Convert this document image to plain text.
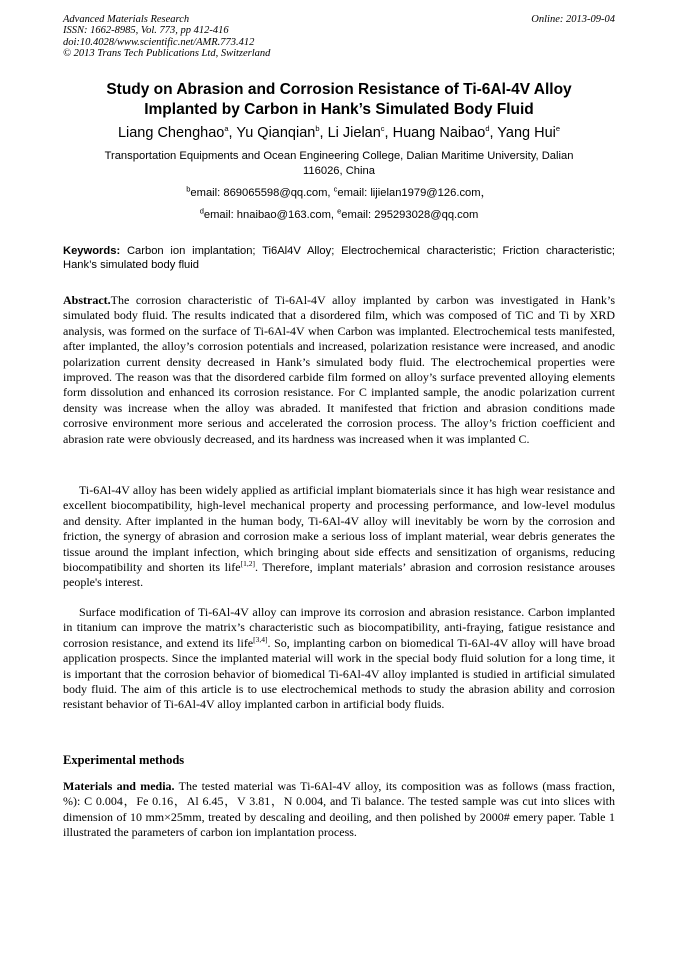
Advanced Materials Research
ISSN: 1662-8985, Vol. 773, pp 412-416
doi:10.4028/www.scientific.net/AMR.773.412
© 2013 Trans Tech Publications Ltd, Switzerland
Online: 2013-09-04
Study on Abrasion and Corrosion Resistance of Ti-6Al-4V Alloy
Implanted by Carbon in Hank’s Simulated Body Fluid
Liang Chenghao$^a$, Yu Qianqian$^b$, Li Jielan$^c$, Huang Naibao$^d$, Yang Hui$^e$
Transportation Equipments and Ocean Engineering College, Dalian Maritime University, Dalian
116026, China
$^b$email: 869065598@qq.com, $^c$email: lijielan1979@126.com，
$^d$email: hnaibao@163.com, $^e$email: 295293028@qq.com
Keywords: Carbon ion implantation; Ti6Al4V Alloy; Electrochemical characteristic; Friction characteristic; Hank’s simulated body fluid
Abstract.The corrosion characteristic of Ti-6Al-4V alloy implanted by carbon was investigated in Hank’s simulated body fluid. The results indicated that a disordered film, which was composed of TiC and Ti by XRD analysis, was formed on the surface of Ti-6Al-4V when Carbon was implanted. Electrochemical tests manifested, after implanted, the alloy’s corrosion potentials and increased, polarization resistance were increased, and anodic polarization current density decreased in Hank’s simulated body fluid. The electrochemical properties were improved. The reason was that the disordered carbide film formed on alloy’s surface prevented alloying elements form dissolution and enhanced its corrosion resistance. For C implanted sample, the anodic polarization current density was increase when the alloy was abraded. It manifested that friction and abrasion conditions made corrosive environment more serious and accelerated the corrosion process. The alloy’s friction coefficient and abrasion rate were obviously decreased, and its hardness was increased when it was implanted C.
Ti-6Al-4V alloy has been widely applied as artificial implant biomaterials since it has high wear resistance and excellent biocompatibility, high-level mechanical property and processing performance, and low-level modulus and density. After implanted in the human body, Ti-6Al-4V alloy will inevitably be worn by the corrosion and friction, the synergy of abrasion and corrosion make a serious loss of implant material, wear debris generates the tissue around the implant infection, which bringing about side effects and sensitization of organisms, reducing biocompatibility and shorten its life[1,2]. Therefore, implant materials’ abrasion and corrosion resistance arouses people's interest.
Surface modification of Ti-6Al-4V alloy can improve its corrosion and abrasion resistance. Carbon implanted in titanium can improve the matrix’s characteristic such as biocompatibility, anti-fraying, fatigue resistance and corrosion resistance, and extend its life[3,4]. So, implanting carbon on biomedical Ti-6Al-4V alloy will have broad application prospects. Since the implanted material will work in the special body fluid solution for a long time, it is important that the corrosion behavior of biomedical Ti-6Al-4V alloy implanted is studied in artificial simulated body fluid. The aim of this article is to use electrochemical methods to study the abrasion ability and corrosion resistant behavior of Ti-6Al-4V alloy implanted carbon in artificial body fluids.
Experimental methods
Materials and media. The tested material was Ti-6Al-4V alloy, its composition was as follows (mass fraction, %): C 0.004，Fe 0.16，Al 6.45，V 3.81，N 0.004, and Ti balance. The tested sample was cut into slices with dimension of 10 mm×25mm, treated by descaling and deoiling, and then polished by 2000# emery paper. Table 1 illustrated the parameters of carbon ion implantation process.
